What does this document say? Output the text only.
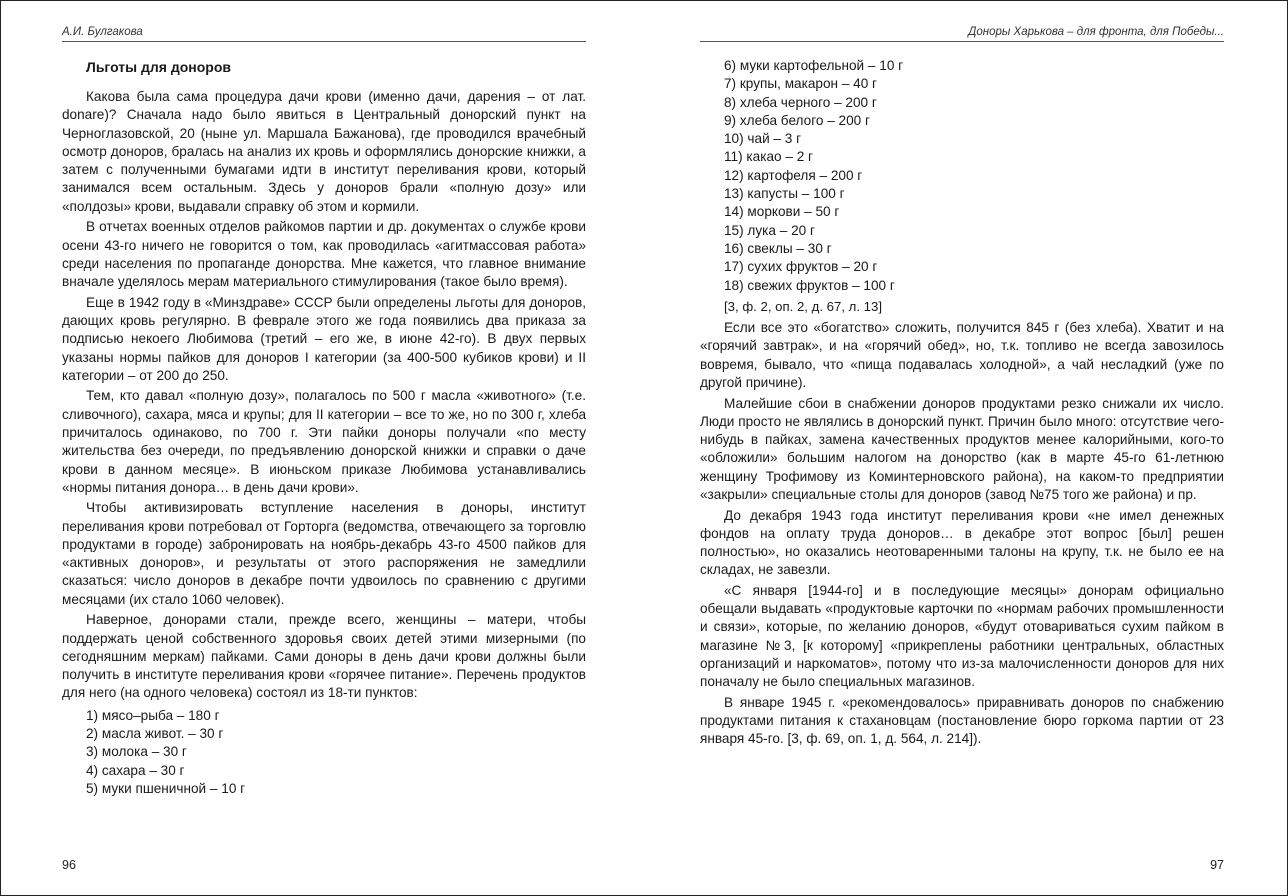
А.И. Булгакова
Льготы для доноров

Какова была сама процедура дачи крови (именно дачи, дарения – от лат. donare)? Сначала надо было явиться в Центральный донорский пункт на Черноглазовской, 20 (ныне ул. Маршала Бажанова), где проводился врачебный осмотр доноров, бралась на анализ их кровь и оформлялись донорские книжки, а затем с полученными бумагами идти в институт переливания крови, который занимался всем остальным. Здесь у доноров брали «полную дозу» или «полдозы» крови, выдавали справку об этом и кормили.

В отчетах военных отделов райкомов партии и др. документах о службе крови осени 43-го ничего не говорится о том, как проводилась «агитмассовая работа» среди населения по пропаганде донорства. Мне кажется, что главное внимание вначале уделялось мерам материального стимулирования (такое было время).

Еще в 1942 году в «Минздраве» СССР были определены льготы для доноров, дающих кровь регулярно. В феврале этого же года появились два приказа за подписью некоего Любимова (третий – его же, в июне 42-го). В двух первых указаны нормы пайков для доноров I категории (за 400-500 кубиков крови) и II категории – от 200 до 250.

Тем, кто давал «полную дозу», полагалось по 500 г масла «животного» (т.е. сливочного), сахара, мяса и крупы; для II категории – все то же, но по 300 г, хлеба причиталось одинаково, по 700 г. Эти пайки доноры получали «по месту жительства без очереди, по предъявлению донорской книжки и справки о даче крови в данном месяце». В июньском приказе Любимова устанавливались «нормы питания донора… в день дачи крови».

Чтобы активизировать вступление населения в доноры, институт переливания крови потребовал от Горторга (ведомства, отвечающего за торговлю продуктами в городе) забронировать на ноябрь-декабрь 43-го 4500 пайков для «активных доноров», и результаты от этого распоряжения не замедлили сказаться: число доноров в декабре почти удвоилось по сравнению с другими месяцами (их стало 1060 человек).

Наверное, донорами стали, прежде всего, женщины – матери, чтобы поддержать ценой собственного здоровья своих детей этими мизерными (по сегодняшним меркам) пайками. Сами доноры в день дачи крови должны были получить в институте переливания крови «горячее питание». Перечень продуктов для него (на одного человека) состоял из 18-ти пунктов:

1) мясо–рыба – 180 г
2) масла живот. – 30 г
3) молока – 30 г
4) сахара – 30 г
5) муки пшеничной – 10 г
96
Доноры Харькова – для фронта, для Победы...
6) муки картофельной – 10 г
7) крупы, макарон – 40 г
8) хлеба черного – 200 г
9) хлеба белого – 200 г
10) чай – 3 г
11) какао – 2 г
12) картофеля – 200 г
13) капусты – 100 г
14) моркови – 50 г
15) лука – 20 г
16) свеклы – 30 г
17) сухих фруктов – 20 г
18) свежих фруктов – 100 г
[3, ф. 2, оп. 2, д. 67, л. 13]

Если все это «богатство» сложить, получится 845 г (без хлеба). Хватит и на «горячий завтрак», и на «горячий обед», но, т.к. топливо не всегда завозилось вовремя, бывало, что «пища подавалась холодной», а чай несладкий (уже по другой причине).

Малейшие сбои в снабжении доноров продуктами резко снижали их число. Люди просто не являлись в донорский пункт. Причин было много: отсутствие чего-нибудь в пайках, замена качественных продуктов менее калорийными, кого-то «обложили» большим налогом на донорство (как в марте 45-го 61-летнюю женщину Трофимову из Коминтерновского района), на каком-то предприятии «закрыли» специальные столы для доноров (завод №75 того же района) и пр.

До декабря 1943 года институт переливания крови «не имел денежных фондов на оплату труда доноров… в декабре этот вопрос [был] решен полностью», но оказались неотоваренными талоны на крупу, т.к. не было ее на складах, не завезли.

«С января [1944-го] и в последующие месяцы» донорам официально обещали выдавать «продуктовые карточки по «нормам рабочих промышленности и связи», которые, по желанию доноров, «будут отовариваться сухим пайком в магазине №3, [к которому] «прикреплены работники центральных, областных организаций и наркоматов», потому что из-за малочисленности доноров для них поначалу не было специальных магазинов.

В январе 1945 г. «рекомендовалось» приравнивать доноров по снабжению продуктами питания к стахановцам (постановление бюро горкома партии от 23 января 45-го. [3, ф. 69, оп. 1, д. 564, л. 214]).

97
